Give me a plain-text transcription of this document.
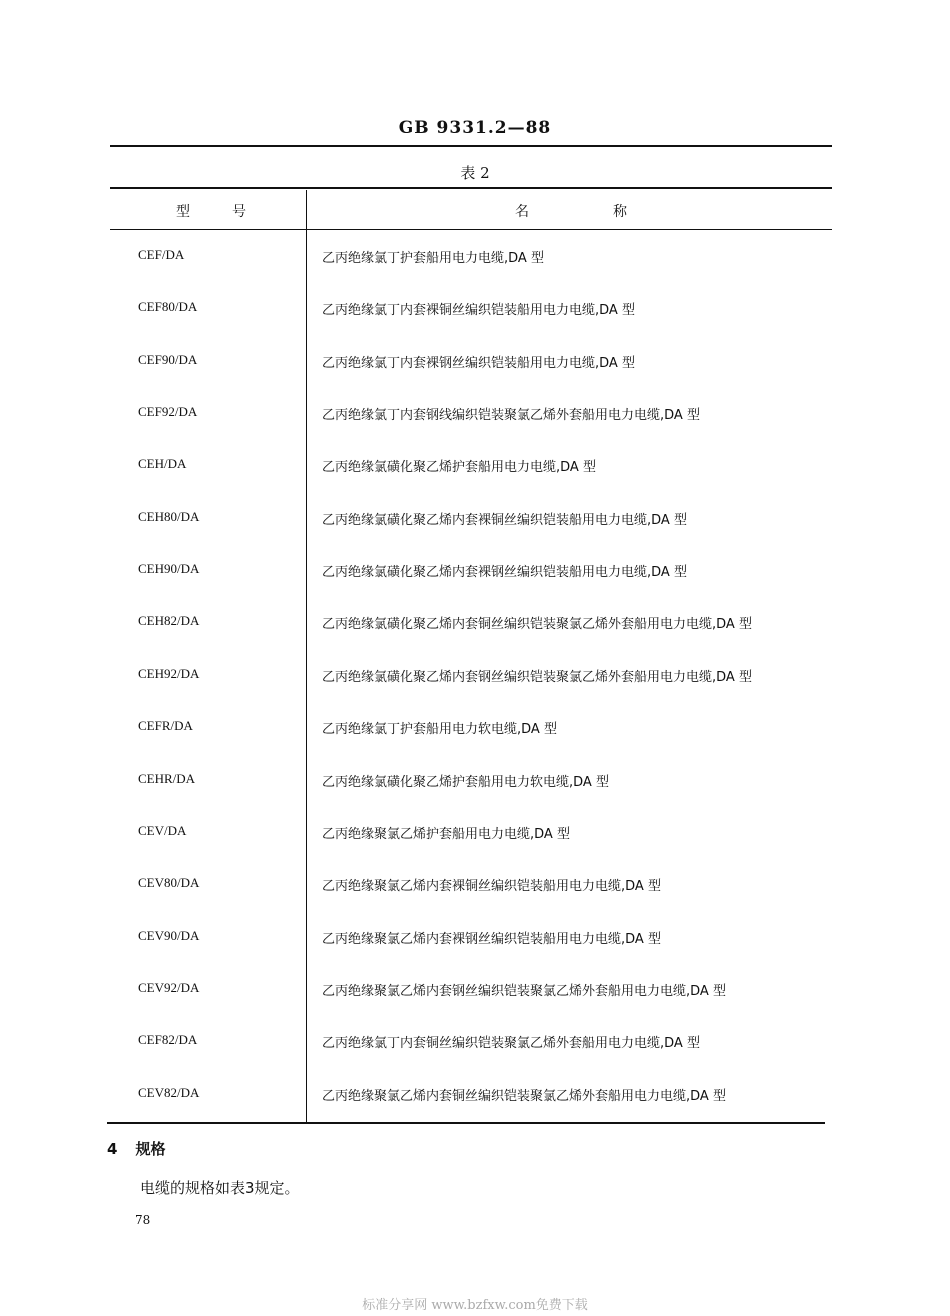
GB 9331.2—88
表 2
型　　　号	名　　　　　　称
CEF/DA	乙丙绝缘氯丁护套船用电力电缆,DA 型
CEF80/DA	乙丙绝缘氯丁内套裸铜丝编织铠装船用电力电缆,DA 型
CEF90/DA	乙丙绝缘氯丁内套裸钢丝编织铠装船用电力电缆,DA 型
CEF92/DA	乙丙绝缘氯丁内套钢线编织铠装聚氯乙烯外套船用电力电缆,DA 型
CEH/DA	乙丙绝缘氯磺化聚乙烯护套船用电力电缆,DA 型
CEH80/DA	乙丙绝缘氯磺化聚乙烯内套裸铜丝编织铠装船用电力电缆,DA 型
CEH90/DA	乙丙绝缘氯磺化聚乙烯内套裸钢丝编织铠装船用电力电缆,DA 型
CEH82/DA	乙丙绝缘氯磺化聚乙烯内套铜丝编织铠装聚氯乙烯外套船用电力电缆,DA 型
CEH92/DA	乙丙绝缘氯磺化聚乙烯内套钢丝编织铠装聚氯乙烯外套船用电力电缆,DA 型
CEFR/DA	乙丙绝缘氯丁护套船用电力软电缆,DA 型
CEHR/DA	乙丙绝缘氯磺化聚乙烯护套船用电力软电缆,DA 型
CEV/DA	乙丙绝缘聚氯乙烯护套船用电力电缆,DA 型
CEV80/DA	乙丙绝缘聚氯乙烯内套裸铜丝编织铠装船用电力电缆,DA 型
CEV90/DA	乙丙绝缘聚氯乙烯内套裸钢丝编织铠装船用电力电缆,DA 型
CEV92/DA	乙丙绝缘聚氯乙烯内套钢丝编织铠装聚氯乙烯外套船用电力电缆,DA 型
CEF82/DA	乙丙绝缘氯丁内套铜丝编织铠装聚氯乙烯外套船用电力电缆,DA 型
CEV82/DA	乙丙绝缘聚氯乙烯内套铜丝编织铠装聚氯乙烯外套船用电力电缆,DA 型
4 规格
电缆的规格如表3规定。
78
标准分享网 www.bzfxw.com免费下载
